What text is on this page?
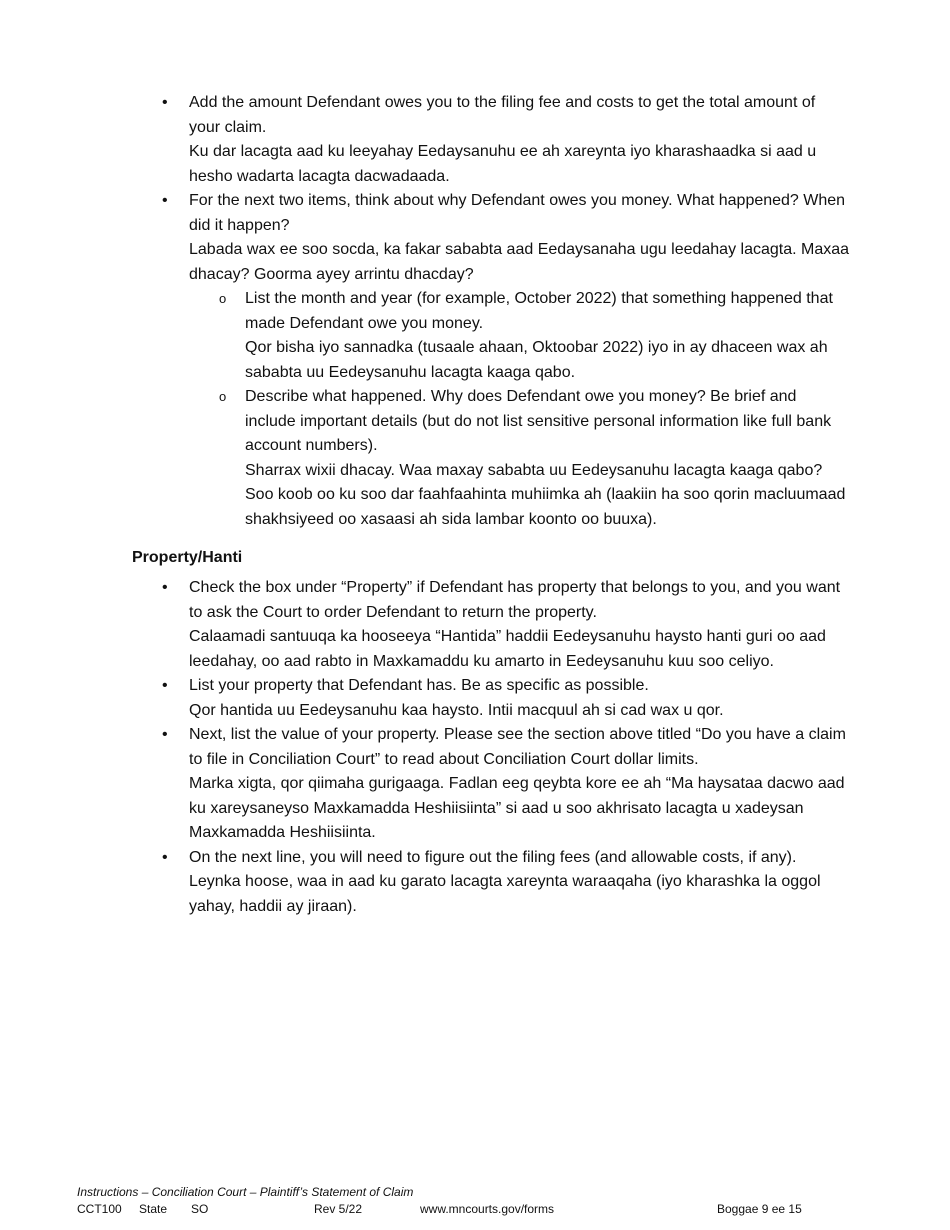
• Add the amount Defendant owes you to the filing fee and costs to get the total amount of your claim.
Ku dar lacagta aad ku leeyahay Eedaysanuhu ee ah xareynta iyo kharashaadka si aad u hesho wadarta lacagta dacwadaada.
• For the next two items, think about why Defendant owes you money. What happened? When did it happen?
Labada wax ee soo socda, ka fakar sababta aad Eedaysanaha ugu leedahay lacagta. Maxaa dhacay? Goorma ayey arrintu dhacday?
o List the month and year (for example, October 2022) that something happened that made Defendant owe you money.
Qor bisha iyo sannadka (tusaale ahaan, Oktoobar 2022) iyo in ay dhaceen wax ah sababta uu Eedeysanuhu lacagta kaaga qabo.
o Describe what happened. Why does Defendant owe you money? Be brief and include important details (but do not list sensitive personal information like full bank account numbers).
Sharrax wixii dhacay. Waa maxay sababta uu Eedeysanuhu lacagta kaaga qabo? Soo koob oo ku soo dar faahfaahinta muhiimka ah (laakiin ha soo qorin macluumaad shakhsiyeed oo xasaasi ah sida lambar koonto oo buuxa).
Property/Hanti
• Check the box under “Property” if Defendant has property that belongs to you, and you want to ask the Court to order Defendant to return the property.
Calaamadi santuuqa ka hooseeya “Hantida” haddii Eedeysanuhu haysto hanti guri oo aad leedahay, oo aad rabto in Maxkamaddu ku amarto in Eedeysanuhu kuu soo celiyo.
• List your property that Defendant has. Be as specific as possible.
Qor hantida uu Eedeysanuhu kaa haysto. Intii macquul ah si cad wax u qor.
• Next, list the value of your property. Please see the section above titled “Do you have a claim to file in Conciliation Court” to read about Conciliation Court dollar limits.
Marka xigta, qor qiimaha gurigaaga. Fadlan eeg qeybta kore ee ah “Ma haysataa dacwo aad ku xareysaneyso Maxkamadda Heshiisiinta” si aad u soo akhrisato lacagta u xadeysan Maxkamadda Heshiisiinta.
• On the next line, you will need to figure out the filing fees (and allowable costs, if any).
Leynka hoose, waa in aad ku garato lacagta xareynta waraaqaha (iyo kharashka la oggol yahay, haddii ay jiraan).
Instructions – Conciliation Court – Plaintiff’s Statement of Claim
CCT100 State SO	Rev 5/22	www.mncourts.gov/forms	Boggae 9 ee 15
